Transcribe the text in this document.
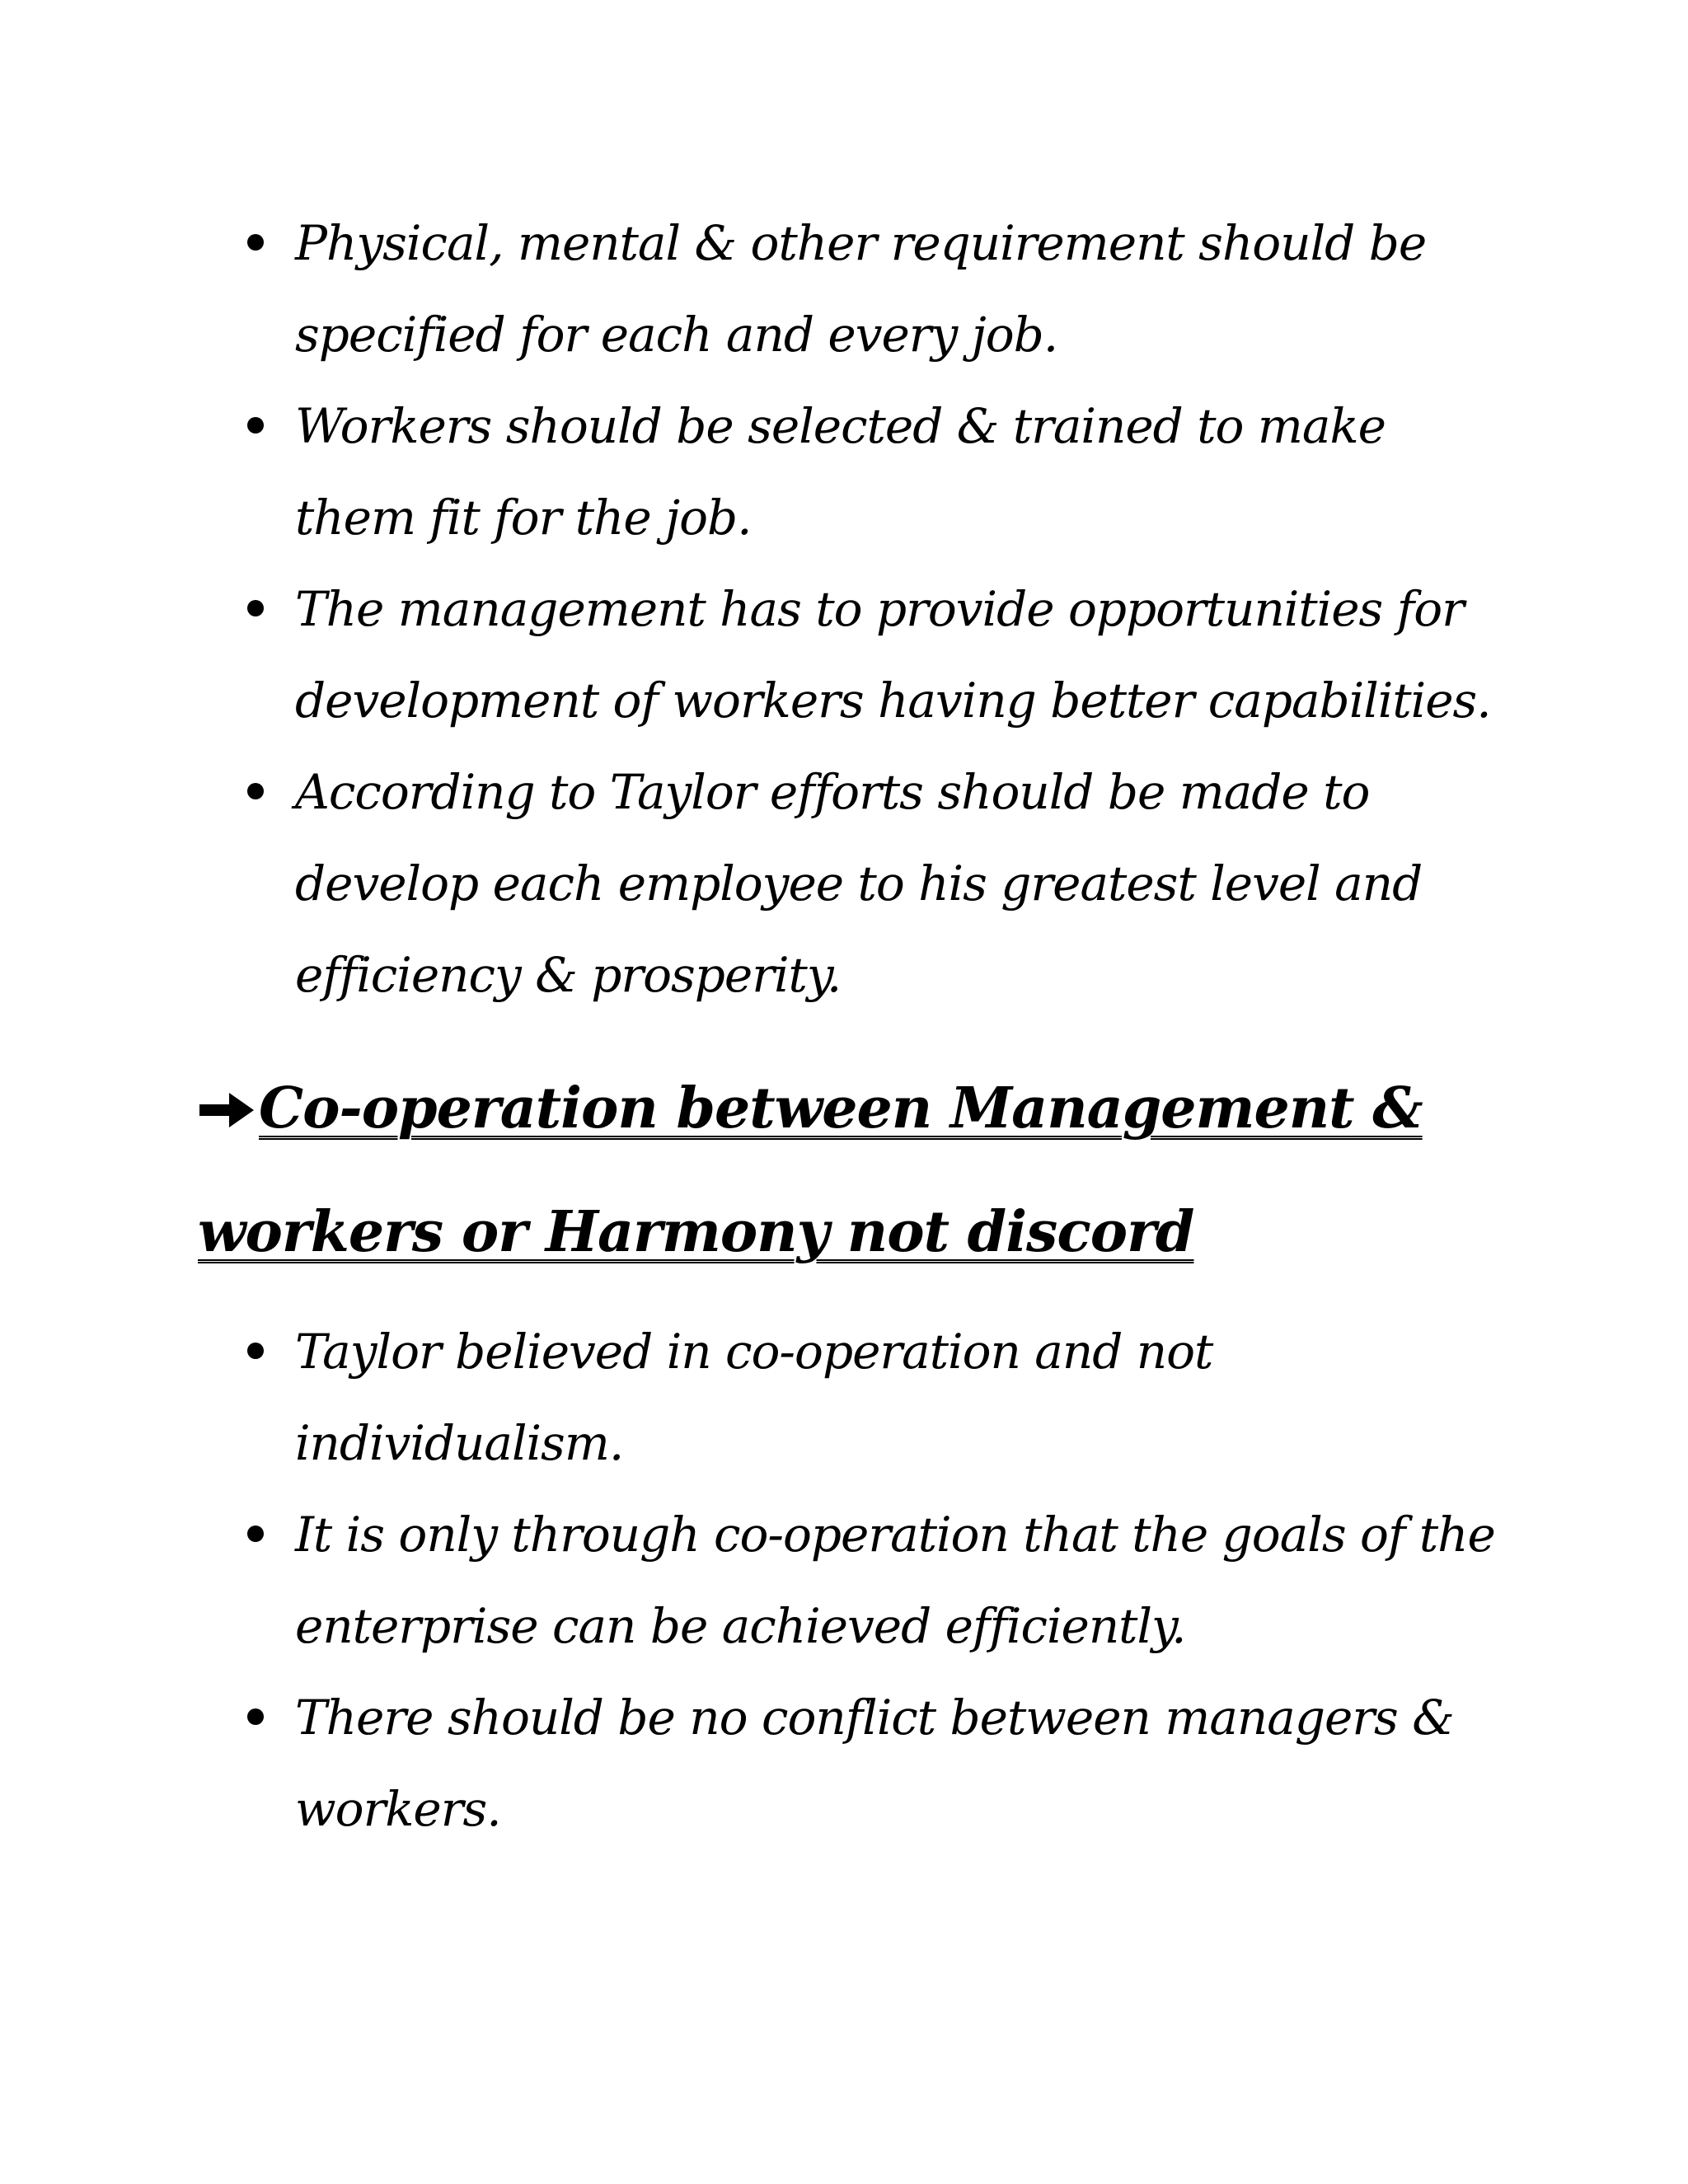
Physical, mental & other requirement should be specified for each and every job.
Workers should be selected & trained to make them fit for the job.
The management has to provide opportunities for development of workers having better capabilities.
According to Taylor efforts should be made to develop each employee to his greatest level and efficiency & prosperity.
Co-operation between Management &
workers or Harmony not discord
Taylor believed in co-operation and not individualism.
It is only through co-operation that the goals of the enterprise can be achieved efficiently.
There should be no conflict between managers & workers.
